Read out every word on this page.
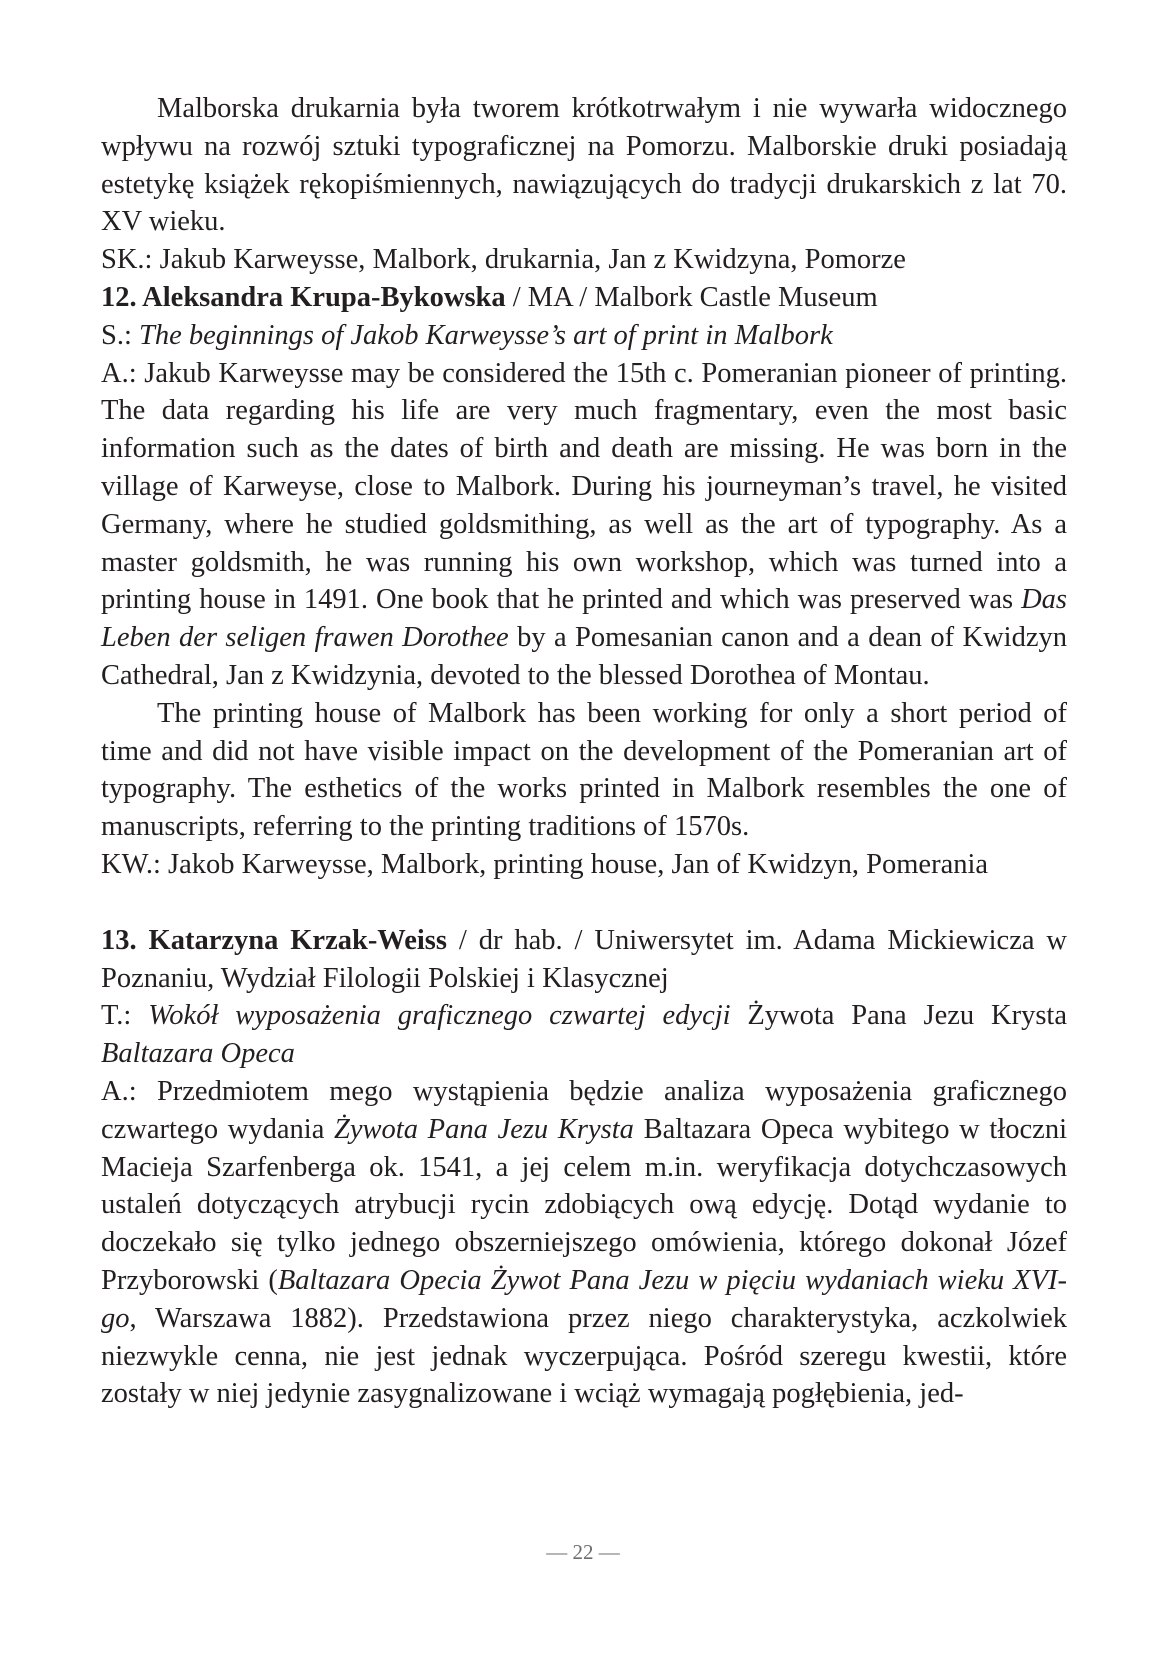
Malborska drukarnia była tworem krótkotrwałym i nie wywarła widocznego wpływu na rozwój sztuki typograficznej na Pomorzu. Malborskie druki posiadają estetykę książek rękopiśmiennych, nawiązujących do tradycji drukarskich z lat 70. XV wieku.

SK.: Jakub Karweysse, Malbork, drukarnia, Jan z Kwidzyna, Pomorze

12. Aleksandra Krupa-Bykowska / MA / Malbork Castle Museum

S.: The beginnings of Jakob Karweysse’s art of print in Malbork

A.: Jakub Karweysse may be considered the 15th c. Pomeranian pioneer of printing. The data regarding his life are very much fragmentary, even the most basic information such as the dates of birth and death are missing. He was born in the village of Karweyse, close to Malbork. During his journeyman’s travel, he visited Germany, where he studied goldsmithing, as well as the art of typography. As a master goldsmith, he was running his own workshop, which was turned into a printing house in 1491. One book that he printed and which was preserved was Das Leben der seligen frawen Dorothee by a Pomesanian canon and a dean of Kwidzyn Cathedral, Jan z Kwidzynia, devoted to the blessed Dorothea of Montau.

The printing house of Malbork has been working for only a short period of time and did not have visible impact on the development of the Pomeranian art of typography. The esthetics of the works printed in Malbork resembles the one of manuscripts, referring to the printing traditions of 1570s.

KW.: Jakob Karweysse, Malbork, printing house, Jan of Kwidzyn, Pomerania

13. Katarzyna Krzak-Weiss / dr hab. / Uniwersytet im. Adama Mickiewicza w Poznaniu, Wydział Filologii Polskiej i Klasycznej

T.: Wokół wyposażenia graficznego czwartej edycji Żywota Pana Jezu Krysta Baltazara Opeca

A.: Przedmiotem mego wystąpienia będzie analiza wyposażenia graficznego czwartego wydania Żywota Pana Jezu Krysta Baltazara Opeca wybitego w tłoczni Macieja Szarfenberga ok. 1541, a jej celem m.in. weryfikacja dotychczasowych ustaleń dotyczących atrybucji rycin zdobiących ową edycję. Dotąd wydanie to doczekało się tylko jednego obszerniejszego omówienia, którego dokonał Józef Przyborowski (Baltazara Opecia Żywot Pana Jezu w pięciu wydaniach wieku XVI-go, Warszawa 1882). Przedstawiona przez niego charakterystyka, aczkolwiek niezwykle cenna, nie jest jednak wyczerpująca. Pośród szeregu kwestii, które zostały w niej jedynie zasygnalizowane i wciąż wymagają pogłębienia, jed-

— 22 —
